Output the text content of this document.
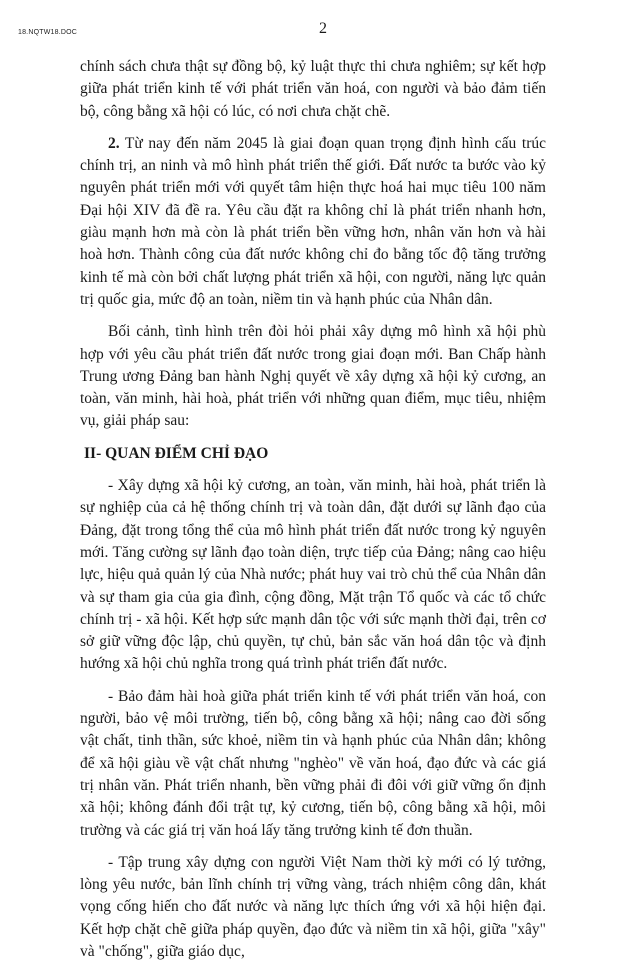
18.NQTW18.DOC	2

chính sách chưa thật sự đồng bộ, kỷ luật thực thi chưa nghiêm; sự kết hợp giữa phát triển kinh tế với phát triển văn hoá, con người và bảo đảm tiến bộ, công bằng xã hội có lúc, có nơi chưa chặt chẽ.

2. Từ nay đến năm 2045 là giai đoạn quan trọng định hình cấu trúc chính trị, an ninh và mô hình phát triển thế giới. Đất nước ta bước vào kỷ nguyên phát triển mới với quyết tâm hiện thực hoá hai mục tiêu 100 năm Đại hội XIV đã đề ra. Yêu cầu đặt ra không chỉ là phát triển nhanh hơn, giàu mạnh hơn mà còn là phát triển bền vững hơn, nhân văn hơn và hài hoà hơn. Thành công của đất nước không chỉ đo bằng tốc độ tăng trưởng kinh tế mà còn bởi chất lượng phát triển xã hội, con người, năng lực quản trị quốc gia, mức độ an toàn, niềm tin và hạnh phúc của Nhân dân.

Bối cảnh, tình hình trên đòi hỏi phải xây dựng mô hình xã hội phù hợp với yêu cầu phát triển đất nước trong giai đoạn mới. Ban Chấp hành Trung ương Đảng ban hành Nghị quyết về xây dựng xã hội kỷ cương, an toàn, văn minh, hài hoà, phát triển với những quan điểm, mục tiêu, nhiệm vụ, giải pháp sau:

II- QUAN ĐIỂM CHỈ ĐẠO

- Xây dựng xã hội kỷ cương, an toàn, văn minh, hài hoà, phát triển là sự nghiệp của cả hệ thống chính trị và toàn dân, đặt dưới sự lãnh đạo của Đảng, đặt trong tổng thể của mô hình phát triển đất nước trong kỷ nguyên mới. Tăng cường sự lãnh đạo toàn diện, trực tiếp của Đảng; nâng cao hiệu lực, hiệu quả quản lý của Nhà nước; phát huy vai trò chủ thể của Nhân dân và sự tham gia của gia đình, cộng đồng, Mặt trận Tổ quốc và các tổ chức chính trị - xã hội. Kết hợp sức mạnh dân tộc với sức mạnh thời đại, trên cơ sở giữ vững độc lập, chủ quyền, tự chủ, bản sắc văn hoá dân tộc và định hướng xã hội chủ nghĩa trong quá trình phát triển đất nước.

- Bảo đảm hài hoà giữa phát triển kinh tế với phát triển văn hoá, con người, bảo vệ môi trường, tiến bộ, công bằng xã hội; nâng cao đời sống vật chất, tinh thần, sức khoẻ, niềm tin và hạnh phúc của Nhân dân; không để xã hội giàu về vật chất nhưng "nghèo" về văn hoá, đạo đức và các giá trị nhân văn. Phát triển nhanh, bền vững phải đi đôi với giữ vững ổn định xã hội; không đánh đổi trật tự, kỷ cương, tiến bộ, công bằng xã hội, môi trường và các giá trị văn hoá lấy tăng trưởng kinh tế đơn thuần.

- Tập trung xây dựng con người Việt Nam thời kỳ mới có lý tưởng, lòng yêu nước, bản lĩnh chính trị vững vàng, trách nhiệm công dân, khát vọng cống hiến cho đất nước và năng lực thích ứng với xã hội hiện đại. Kết hợp chặt chẽ giữa pháp quyền, đạo đức và niềm tin xã hội, giữa "xây" và "chống", giữa giáo dục,
